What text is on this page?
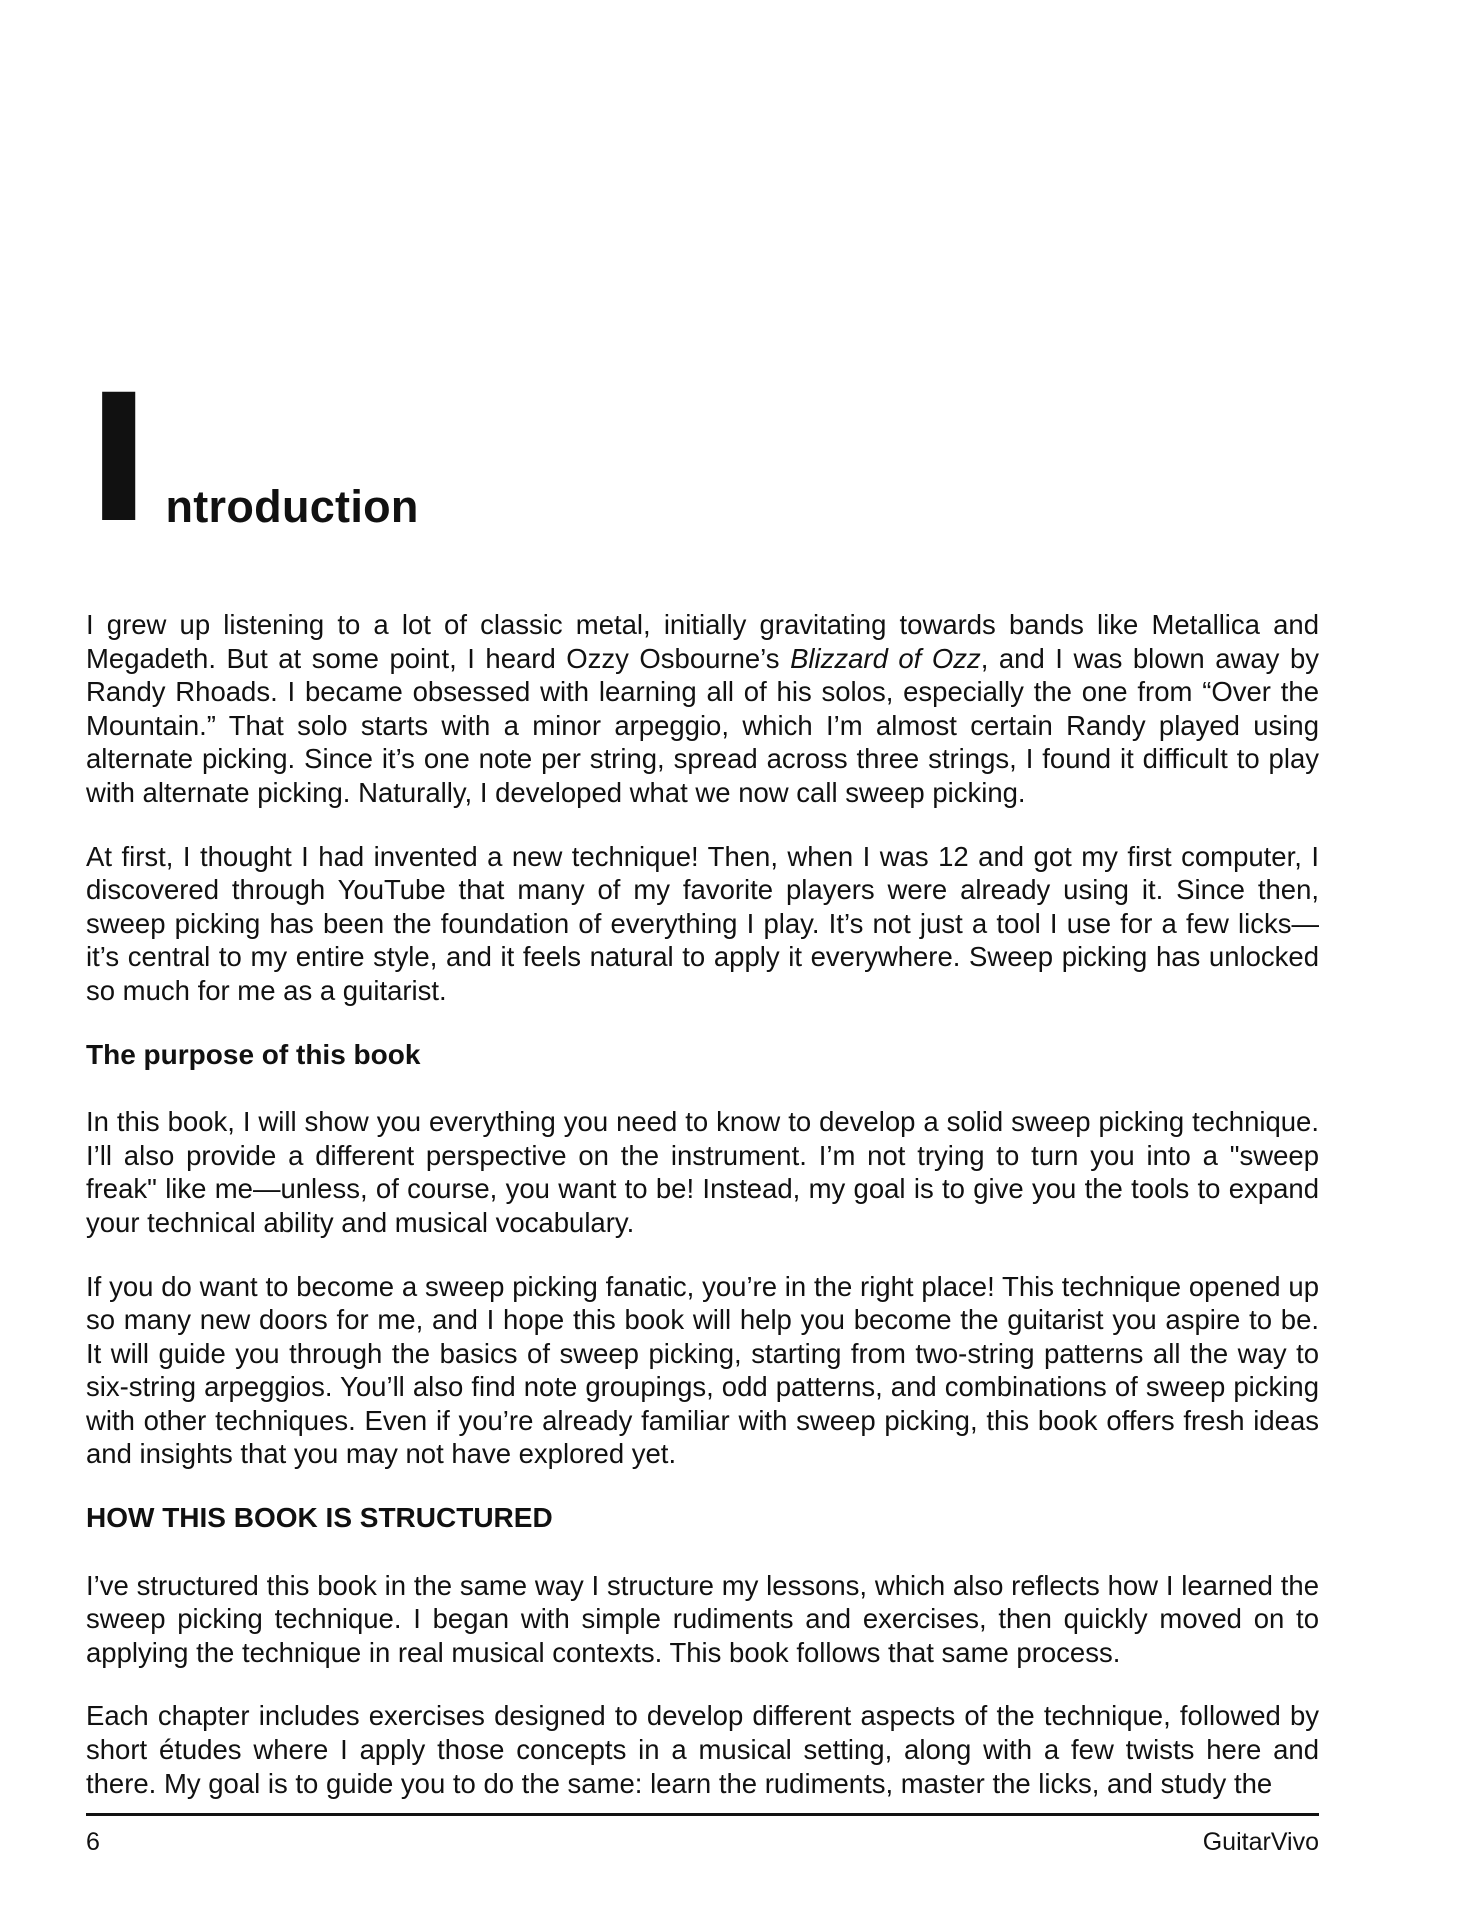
I ntroduction

I grew up listening to a lot of classic metal, initially gravitating towards bands like Metallica and Megadeth. But at some point, I heard Ozzy Osbourne’s Blizzard of Ozz, and I was blown away by Randy Rhoads. I became obsessed with learning all of his solos, especially the one from “Over the Mountain.” That solo starts with a minor arpeggio, which I’m almost certain Randy played using alternate picking. Since it’s one note per string, spread across three strings, I found it difficult to play with alternate picking. Naturally, I developed what we now call sweep picking.

At first, I thought I had invented a new technique! Then, when I was 12 and got my first computer, I discovered through YouTube that many of my favorite players were already using it. Since then, sweep picking has been the foundation of everything I play. It’s not just a tool I use for a few licks—it’s central to my entire style, and it feels natural to apply it everywhere. Sweep picking has unlocked so much for me as a guitarist.

The purpose of this book

In this book, I will show you everything you need to know to develop a solid sweep picking technique. I’ll also provide a different perspective on the instrument. I’m not trying to turn you into a "sweep freak" like me—unless, of course, you want to be! Instead, my goal is to give you the tools to expand your technical ability and musical vocabulary.

If you do want to become a sweep picking fanatic, you’re in the right place! This technique opened up so many new doors for me, and I hope this book will help you become the guitarist you aspire to be. It will guide you through the basics of sweep picking, starting from two-string patterns all the way to six-string arpeggios. You’ll also find note groupings, odd patterns, and combinations of sweep picking with other techniques. Even if you’re already familiar with sweep picking, this book offers fresh ideas and insights that you may not have explored yet.

HOW THIS BOOK IS STRUCTURED

I’ve structured this book in the same way I structure my lessons, which also reflects how I learned the sweep picking technique. I began with simple rudiments and exercises, then quickly moved on to applying the technique in real musical contexts. This book follows that same process.

Each chapter includes exercises designed to develop different aspects of the technique, followed by short études where I apply those concepts in a musical setting, along with a few twists here and there. My goal is to guide you to do the same: learn the rudiments, master the licks, and study the

6	GuitarVivo
